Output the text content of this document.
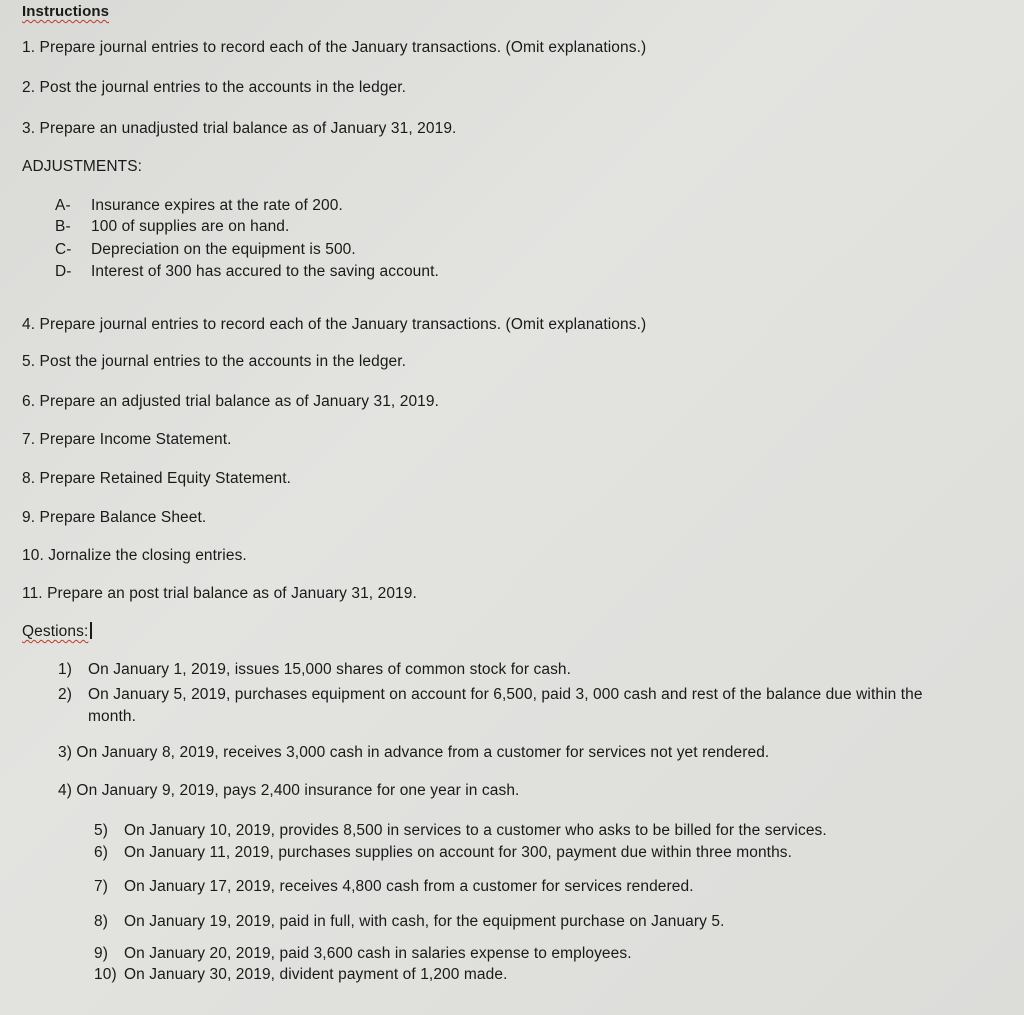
Instructions
1. Prepare journal entries to record each of the January transactions. (Omit explanations.)
2. Post the journal entries to the accounts in the ledger.
3. Prepare an unadjusted trial balance as of January 31, 2019.
ADJUSTMENTS:
A- Insurance expires at the rate of 200.
B- 100 of supplies are on hand.
C- Depreciation on the equipment is 500.
D- Interest of 300 has accured to the saving account.
4. Prepare journal entries to record each of the January transactions. (Omit explanations.)
5. Post the journal entries to the accounts in the ledger.
6. Prepare an adjusted trial balance as of January 31, 2019.
7. Prepare Income Statement.
8. Prepare Retained Equity Statement.
9. Prepare Balance Sheet.
10. Jornalize the closing entries.
11. Prepare an post trial balance as of January 31, 2019.
Qestions:
1) On January 1, 2019, issues 15,000 shares of common stock for cash.
2) On January 5, 2019, purchases equipment on account for 6,500, paid 3, 000 cash and rest of the balance due within the
month.
3) On January 8, 2019, receives 3,000 cash in advance from a customer for services not yet rendered.
4) On January 9, 2019, pays 2,400 insurance for one year in cash.
5) On January 10, 2019, provides 8,500 in services to a customer who asks to be billed for the services.
6) On January 11, 2019, purchases supplies on account for 300, payment due within three months.
7) On January 17, 2019, receives 4,800 cash from a customer for services rendered.
8) On January 19, 2019, paid in full, with cash, for the equipment purchase on January 5.
9) On January 20, 2019, paid 3,600 cash in salaries expense to employees.
10) On January 30, 2019, divident payment of 1,200 made.
